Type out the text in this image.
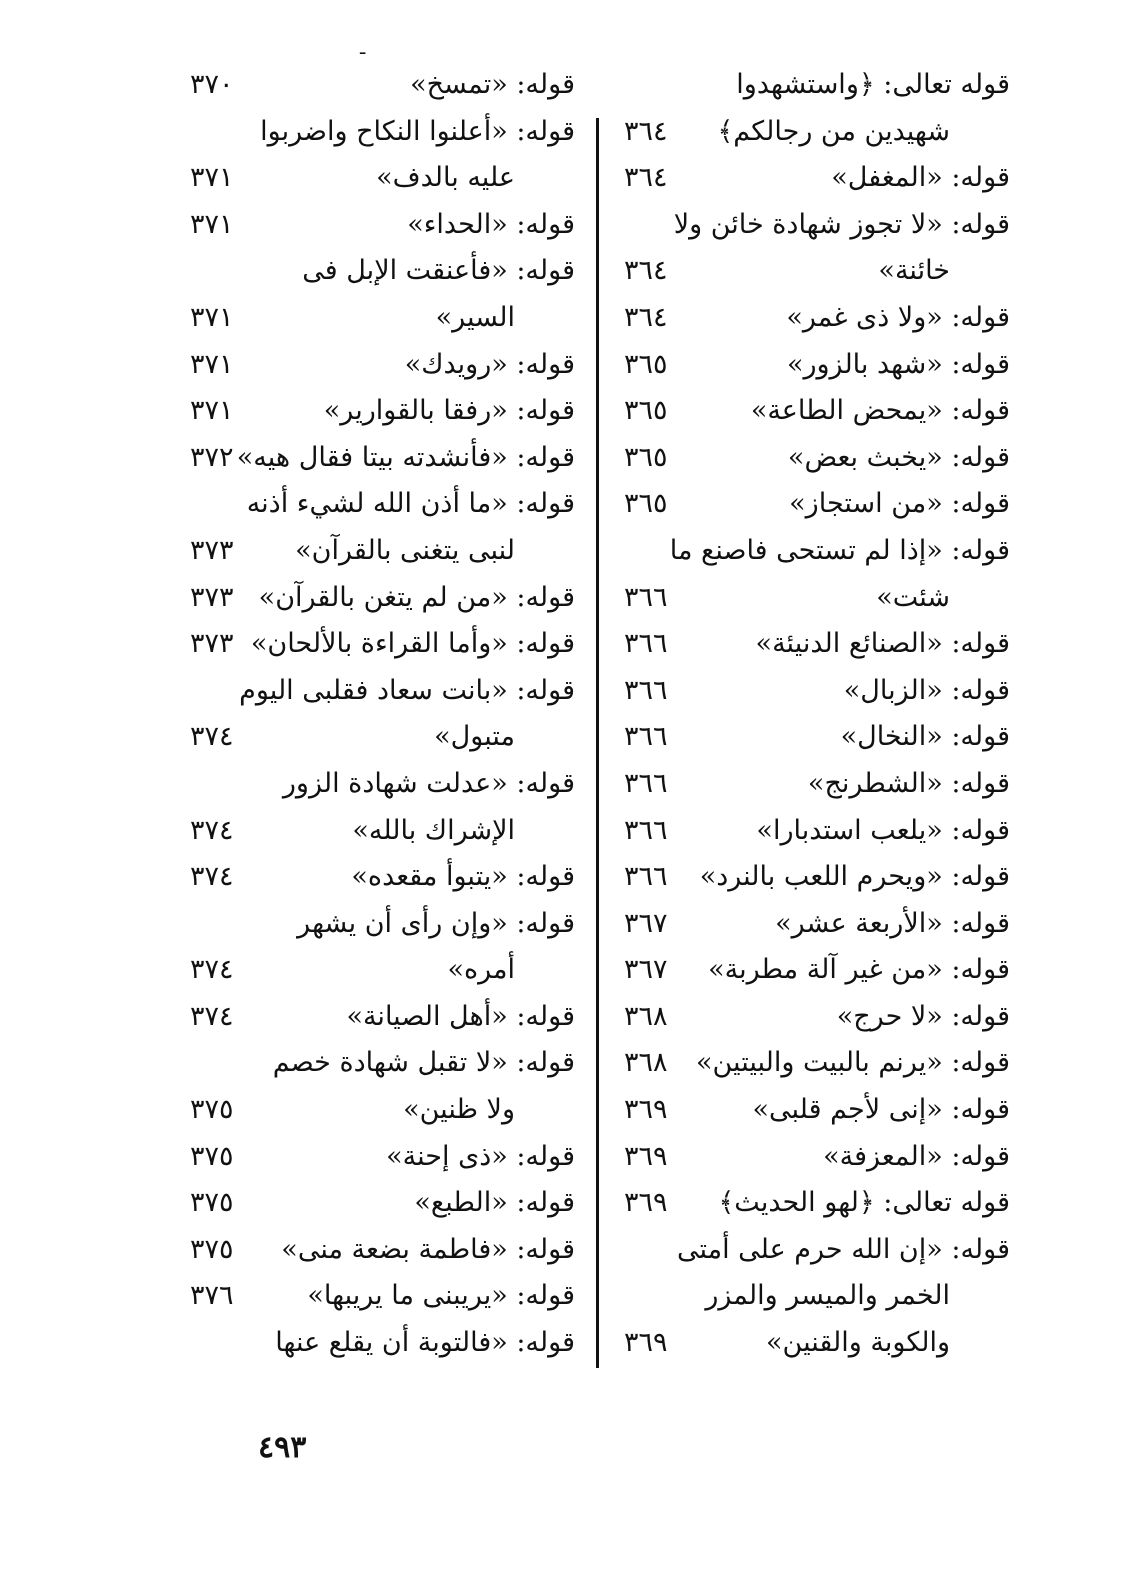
ـ
قوله تعالى: ﴿واستشهدوا
شهيدين من رجالكم﴾
٣٦٤
قوله: «المغفل»
٣٦٤
قوله: «لا تجوز شهادة خائن ولا
خائنة»
٣٦٤
قوله: «ولا ذى غمر»
٣٦٤
قوله: «شهد بالزور»
٣٦٥
قوله: «يمحض الطاعة»
٣٦٥
قوله: «يخبث بعض»
٣٦٥
قوله: «من استجاز»
٣٦٥
قوله: «إذا لم تستحى فاصنع ما
شئت»
٣٦٦
قوله: «الصنائع الدنيئة»
٣٦٦
قوله: «الزبال»
٣٦٦
قوله: «النخال»
٣٦٦
قوله: «الشطرنج»
٣٦٦
قوله: «يلعب استدبارا»
٣٦٦
قوله: «ويحرم اللعب بالنرد»
٣٦٦
قوله: «الأربعة عشر»
٣٦٧
قوله: «من غير آلة مطربة»
٣٦٧
قوله: «لا حرج»
٣٦٨
قوله: «يرنم بالبيت والبيتين»
٣٦٨
قوله: «إنى لأجم قلبى»
٣٦٩
قوله: «المعزفة»
٣٦٩
قوله تعالى: ﴿لهو الحديث﴾
٣٦٩
قوله: «إن الله حرم على أمتى
الخمر والميسر والمزر
والكوبة والقنين»
٣٦٩
قوله: «تمسخ»
٣٧٠
قوله: «أعلنوا النكاح واضربوا
عليه بالدف»
٣٧١
قوله: «الحداء»
٣٧١
قوله: «فأعنقت الإبل فى
السير»
٣٧١
قوله: «رويدك»
٣٧١
قوله: «رفقا بالقوارير»
٣٧١
قوله: «فأنشدته بيتا فقال هيه»
٣٧٢
قوله: «ما أذن الله لشيء أذنه
لنبى يتغنى بالقرآن»
٣٧٣
قوله: «من لم يتغن بالقرآن»
٣٧٣
قوله: «وأما القراءة بالألحان»
٣٧٣
قوله: «بانت سعاد فقلبى اليوم
متبول»
٣٧٤
قوله: «عدلت شهادة الزور
الإشراك بالله»
٣٧٤
قوله: «يتبوأ مقعده»
٣٧٤
قوله: «وإن رأى أن يشهر
أمره»
٣٧٤
قوله: «أهل الصيانة»
٣٧٤
قوله: «لا تقبل شهادة خصم
ولا ظنين»
٣٧٥
قوله: «ذى إحنة»
٣٧٥
قوله: «الطبع»
٣٧٥
قوله: «فاطمة بضعة منى»
٣٧٥
قوله: «يريبنى ما يريبها»
٣٧٦
قوله: «فالتوبة أن يقلع عنها
٤٩٣
